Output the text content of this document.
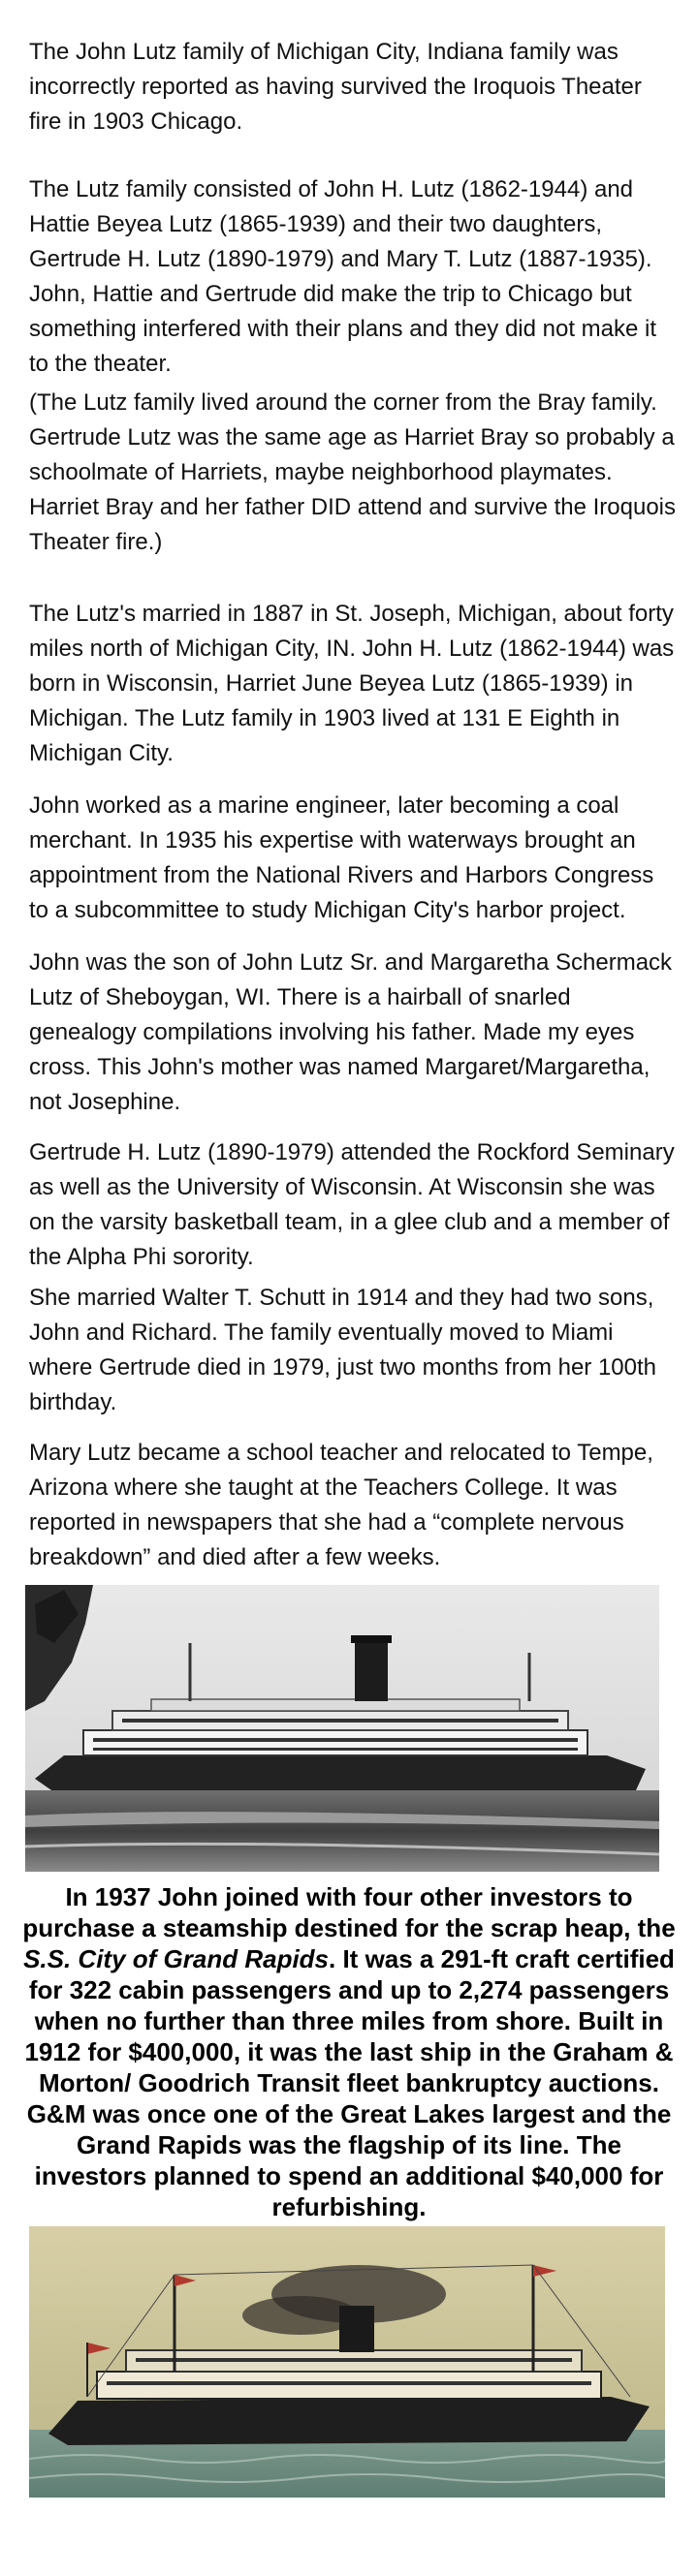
The John Lutz family of Michigan City, Indiana family was incorrectly reported as having survived the Iroquois Theater fire in 1903 Chicago.

The Lutz family consisted of John H. Lutz (1862-1944) and Hattie Beyea Lutz (1865-1939) and their two daughters, Gertrude H. Lutz (1890-1979) and Mary T. Lutz (1887-1935). John, Hattie and Gertrude did make the trip to Chicago but something interfered with their plans and they did not make it to the theater.

(The Lutz family lived around the corner from the Bray family. Gertrude Lutz was the same age as Harriet Bray so probably a schoolmate of Harriets, maybe neighborhood playmates. Harriet Bray and her father DID attend and survive the Iroquois Theater fire.)

The Lutz's married in 1887 in St. Joseph, Michigan, about forty miles north of Michigan City, IN. John H. Lutz (1862-1944) was born in Wisconsin, Harriet June Beyea Lutz (1865-1939) in Michigan. The Lutz family in 1903 lived at 131 E Eighth in Michigan City.

John worked as a marine engineer, later becoming a coal merchant. In 1935 his expertise with waterways brought an appointment from the National Rivers and Harbors Congress to a subcommittee to study Michigan City's harbor project.

John was the son of John Lutz Sr. and Margaretha Schermack Lutz of Sheboygan, WI. There is a hairball of snarled genealogy compilations involving his father. Made my eyes cross. This John's mother was named Margaret/Margaretha, not Josephine.

Gertrude H. Lutz (1890-1979) attended the Rockford Seminary as well as the University of Wisconsin. At Wisconsin she was on the varsity basketball team, in a glee club and a member of the Alpha Phi sorority.

She married Walter T. Schutt in 1914 and they had two sons, John and Richard. The family eventually moved to Miami where Gertrude died in 1979, just two months from her 100th birthday.

Mary Lutz became a school teacher and relocated to Tempe, Arizona where she taught at the Teachers College. It was reported in newspapers that she had a “complete nervous breakdown” and died after a few weeks.

In 1937 John joined with four other investors to purchase a steamship destined for the scrap heap, the S.S. City of Grand Rapids. It was a 291-ft craft certified for 322 cabin passengers and up to 2,274 passengers when no further than three miles from shore. Built in 1912 for $400,000, it was the last ship in the Graham & Morton/ Goodrich Transit fleet bankruptcy auctions. G&M was once one of the Great Lakes largest and the Grand Rapids was the flagship of its line. The investors planned to spend an additional $40,000 for refurbishing.
